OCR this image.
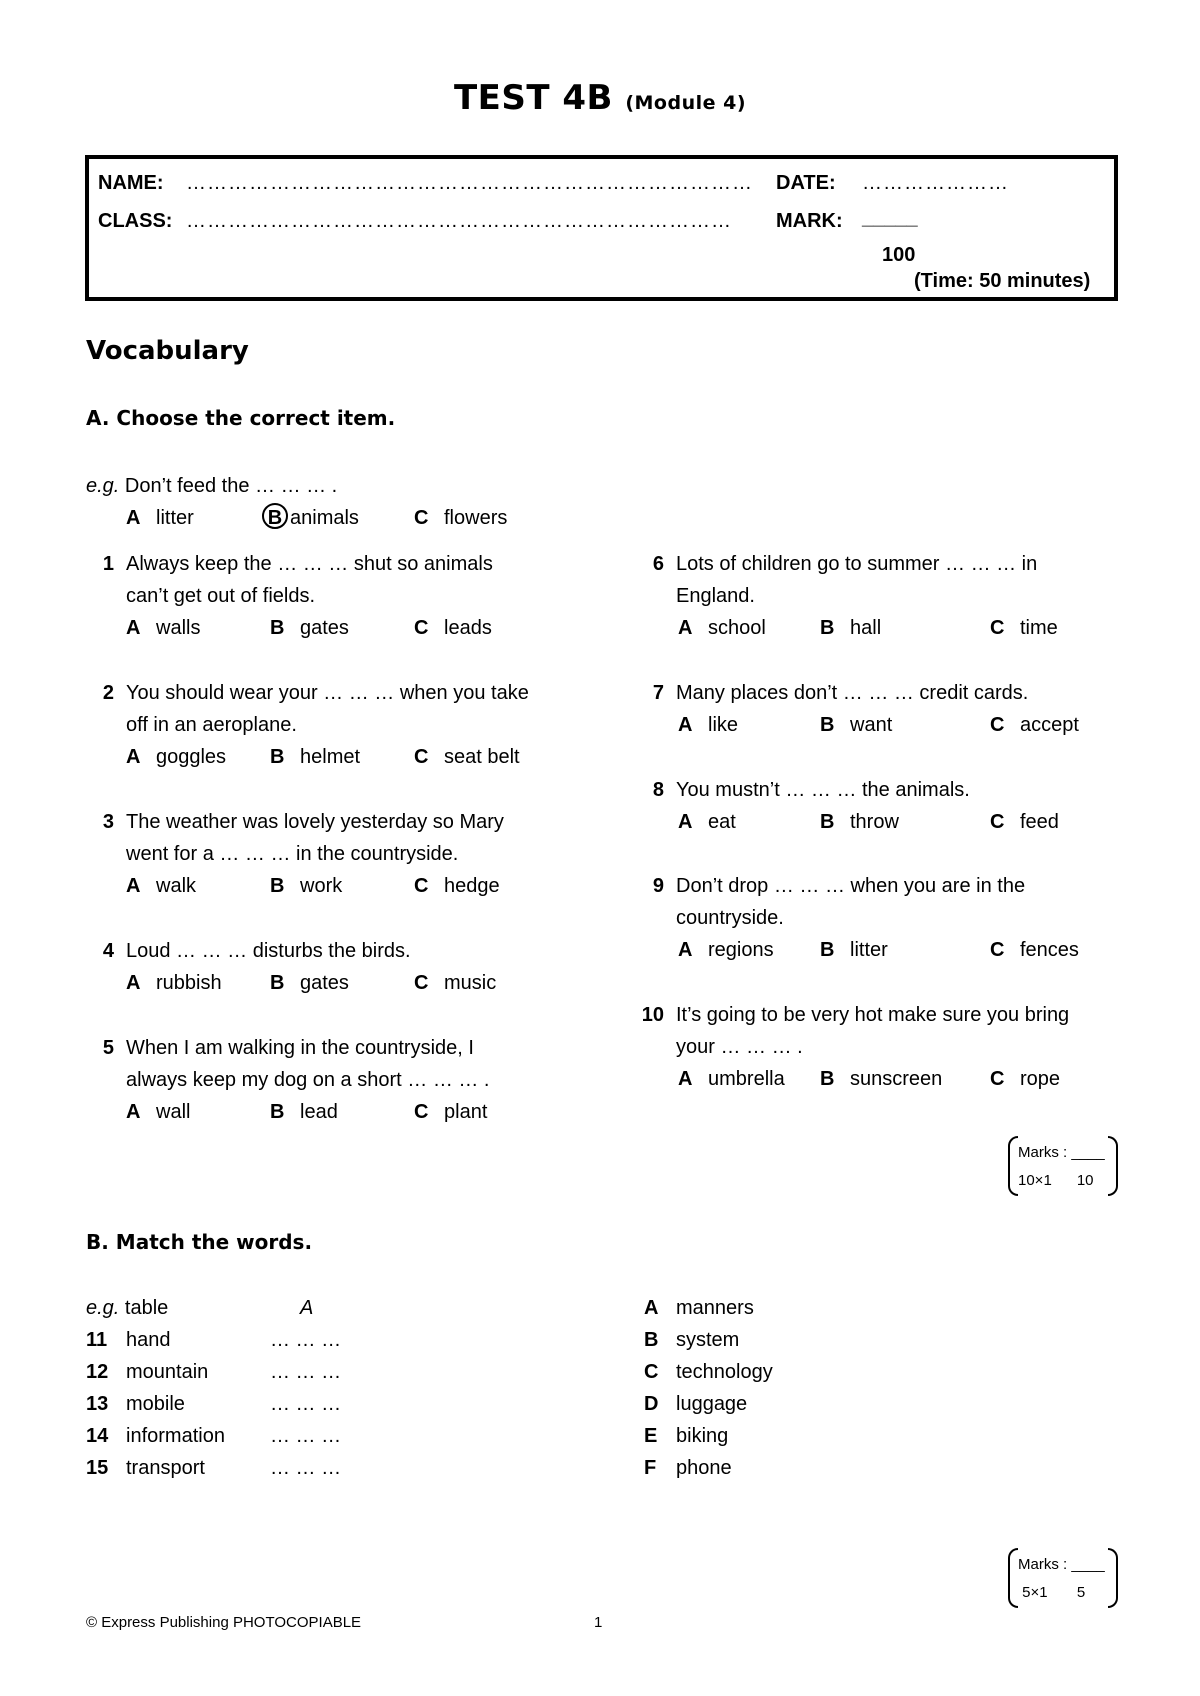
TEST 4B (Module 4)
NAME: ………………………………………………………………………
CLASS: ……………………………………………………………………
DATE: …………………
MARK: _____
100
(Time: 50 minutes)
Vocabulary
A. Choose the correct item.
e.g. Don’t feed the … … … .
A litter	B animals	C flowers
1 Always keep the … … … shut so animals
can’t get out of fields.
A walls	B gates	C leads
2 You should wear your … … … when you take
off in an aeroplane.
A goggles B helmet	C seat belt
3 The weather was lovely yesterday so Mary
went for a … … … in the countryside.
A walk	B work	C hedge
4 Loud … … … disturbs the birds.
A rubbish B gates	C music
5 When I am walking in the countryside, I
always keep my dog on a short … … … .
A wall	B lead	C plant
6 Lots of children go to summer … … … in
England.
A school	B hall	C time
7 Many places don’t … … … credit cards.
A like	B want	C accept
8 You mustn’t … … … the animals.
A eat	B throw	C feed
9 Don’t drop … … … when you are in the
countryside.
A regions B litter	C fences
10 It’s going to be very hot make sure you bring
your … … … .
A umbrella B sunscreen C rope
Marks : ____
10×1 10
B. Match the words.
e.g. table	A
11 hand	… … …
12 mountain	… … …
13 mobile	… … …
14 information … … …
15 transport	… … …
A manners
B system
C technology
D luggage
E biking
F phone
Marks : ____
5×1 5
© Express Publishing PHOTOCOPIABLE	1
